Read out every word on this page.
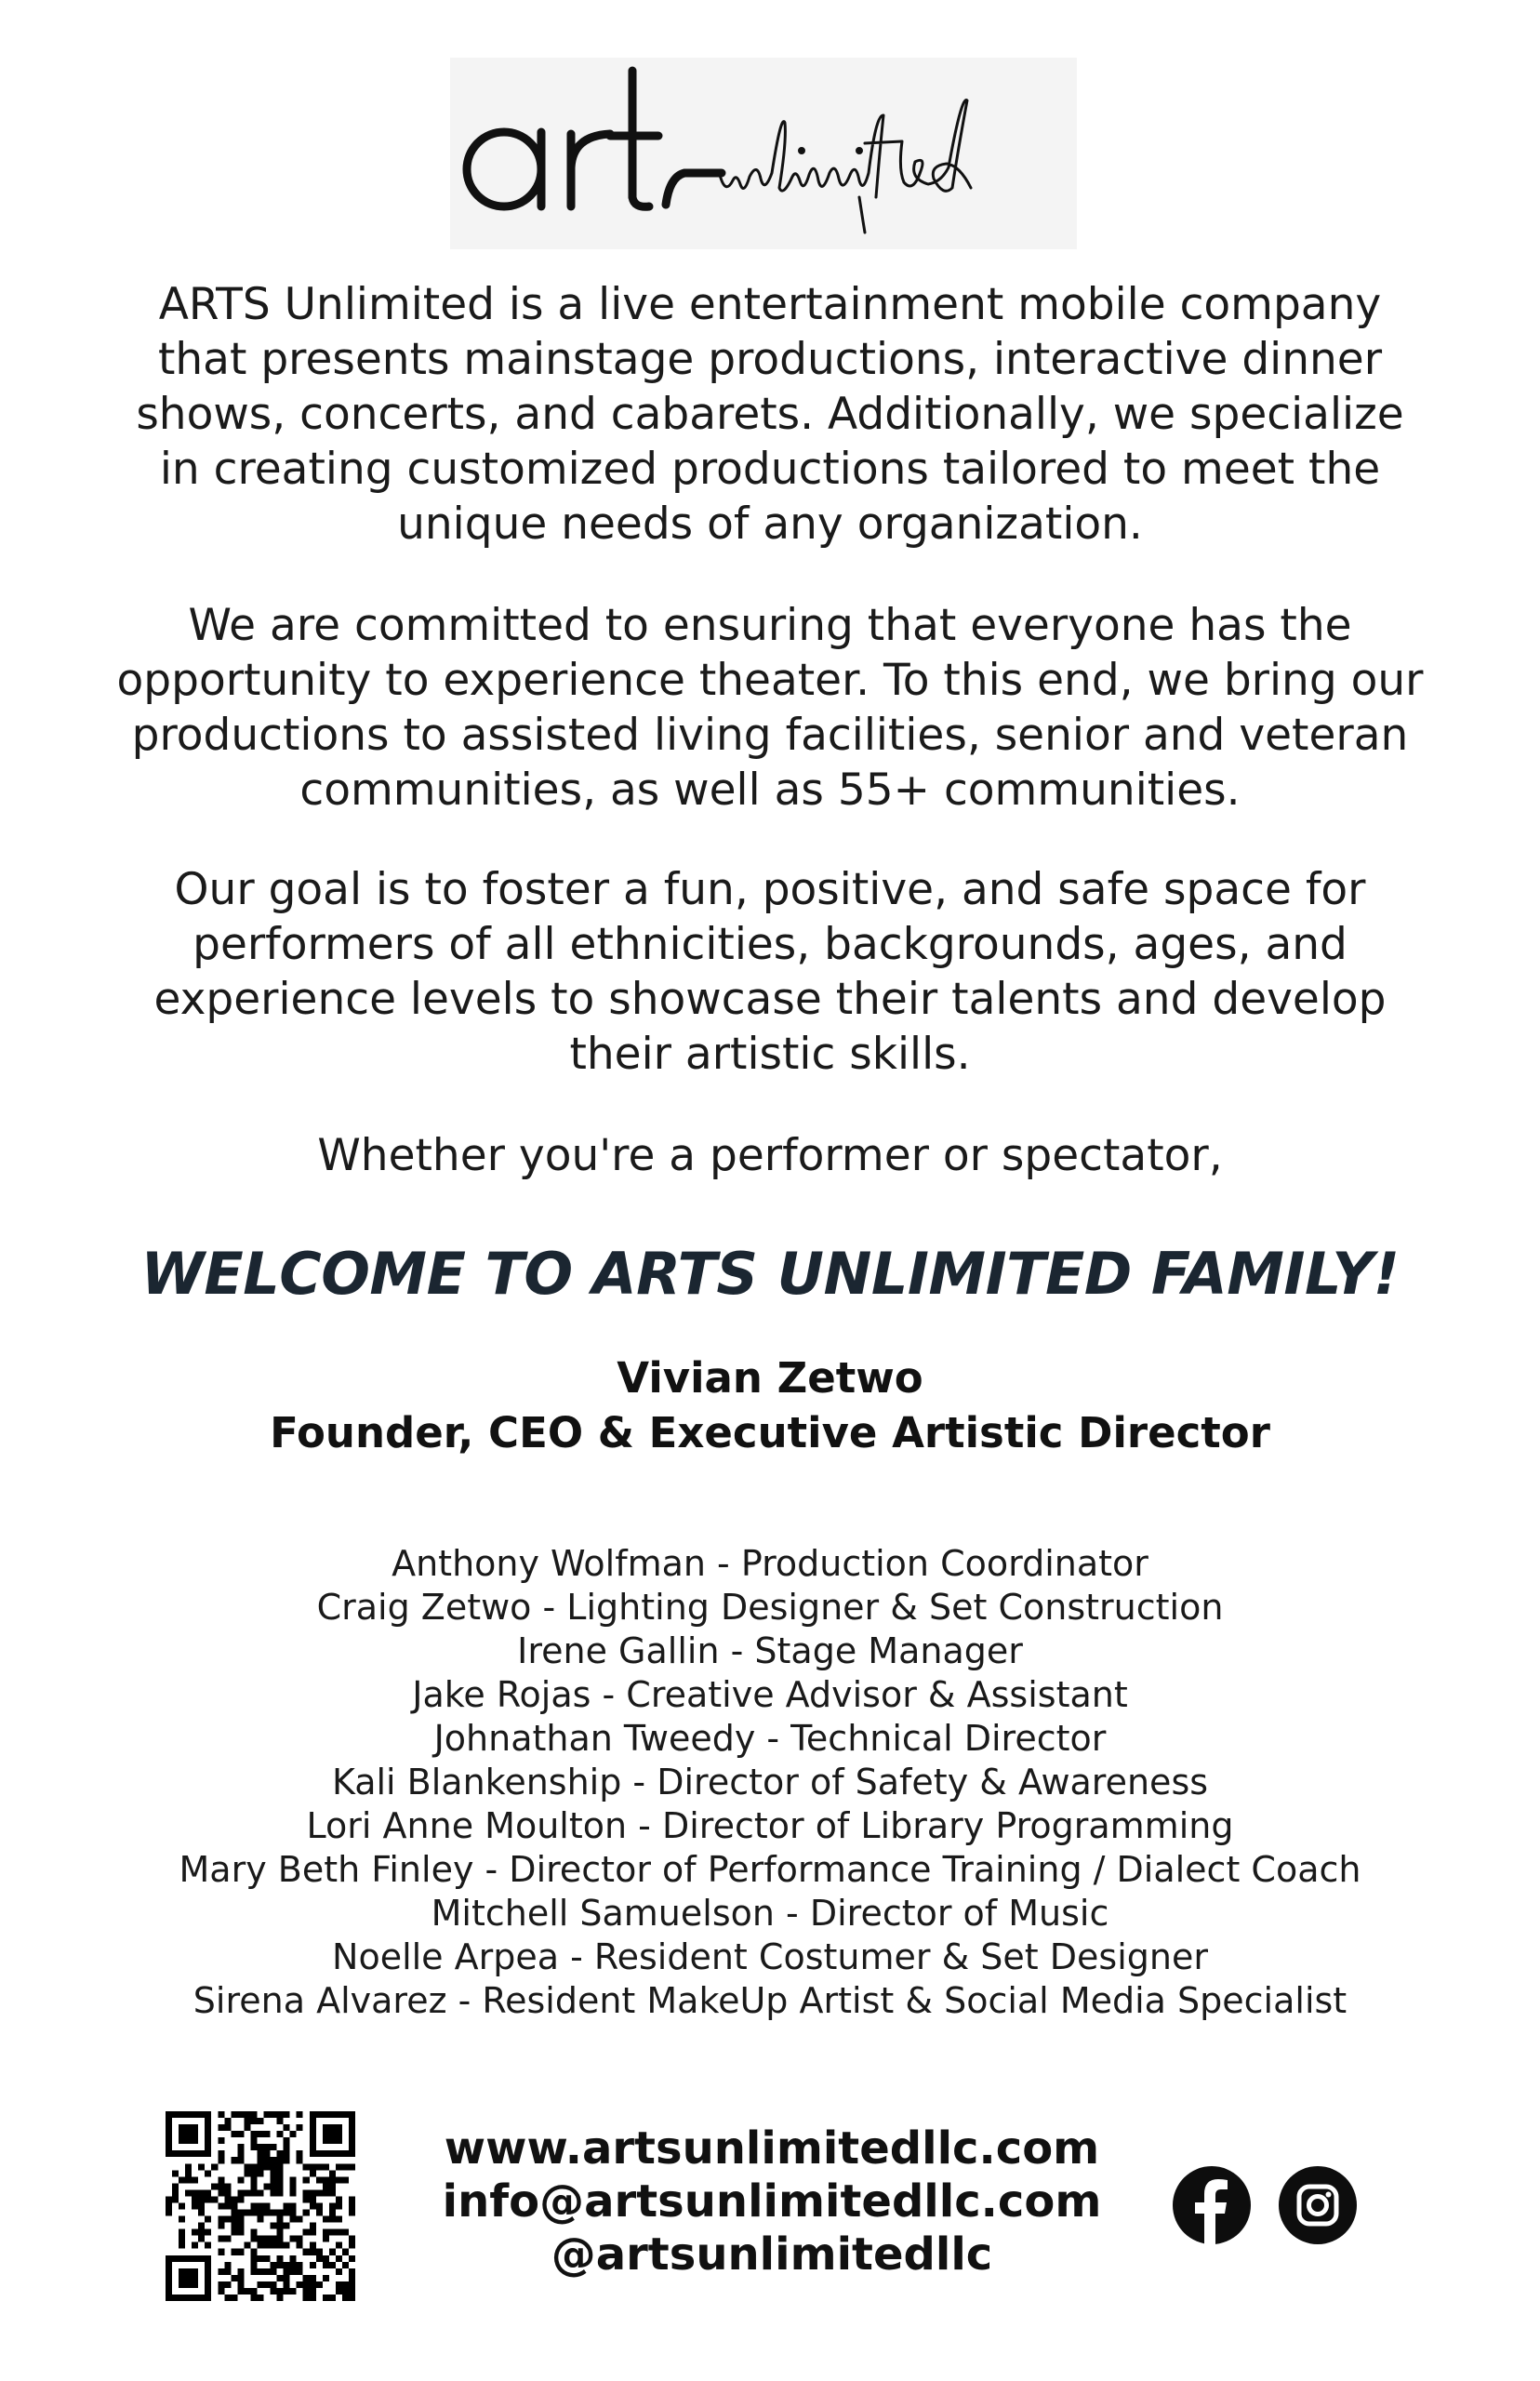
ARTS Unlimited is a live entertainment mobile company
that presents mainstage productions, interactive dinner
shows, concerts, and cabarets. Additionally, we specialize
in creating customized productions tailored to meet the
unique needs of any organization.

We are committed to ensuring that everyone has the
opportunity to experience theater. To this end, we bring our
productions to assisted living facilities, senior and veteran
communities, as well as 55+ communities.

Our goal is to foster a fun, positive, and safe space for
performers of all ethnicities, backgrounds, ages, and
experience levels to showcase their talents and develop
their artistic skills.

Whether you're a performer or spectator,

WELCOME TO ARTS UNLIMITED FAMILY!
Vivian Zetwo
Founder, CEO & Executive Artistic Director
Anthony Wolfman - Production Coordinator
Craig Zetwo - Lighting Designer & Set Construction
Irene Gallin - Stage Manager
Jake Rojas - Creative Advisor & Assistant
Johnathan Tweedy - Technical Director
Kali Blankenship - Director of Safety & Awareness
Lori Anne Moulton - Director of Library Programming
Mary Beth Finley - Director of Performance Training / Dialect Coach
Mitchell Samuelson - Director of Music
Noelle Arpea - Resident Costumer & Set Designer
Sirena Alvarez - Resident MakeUp Artist & Social Media Specialist
www.artsunlimitedllc.com
info@artsunlimitedllc.com
@artsunlimitedllc
